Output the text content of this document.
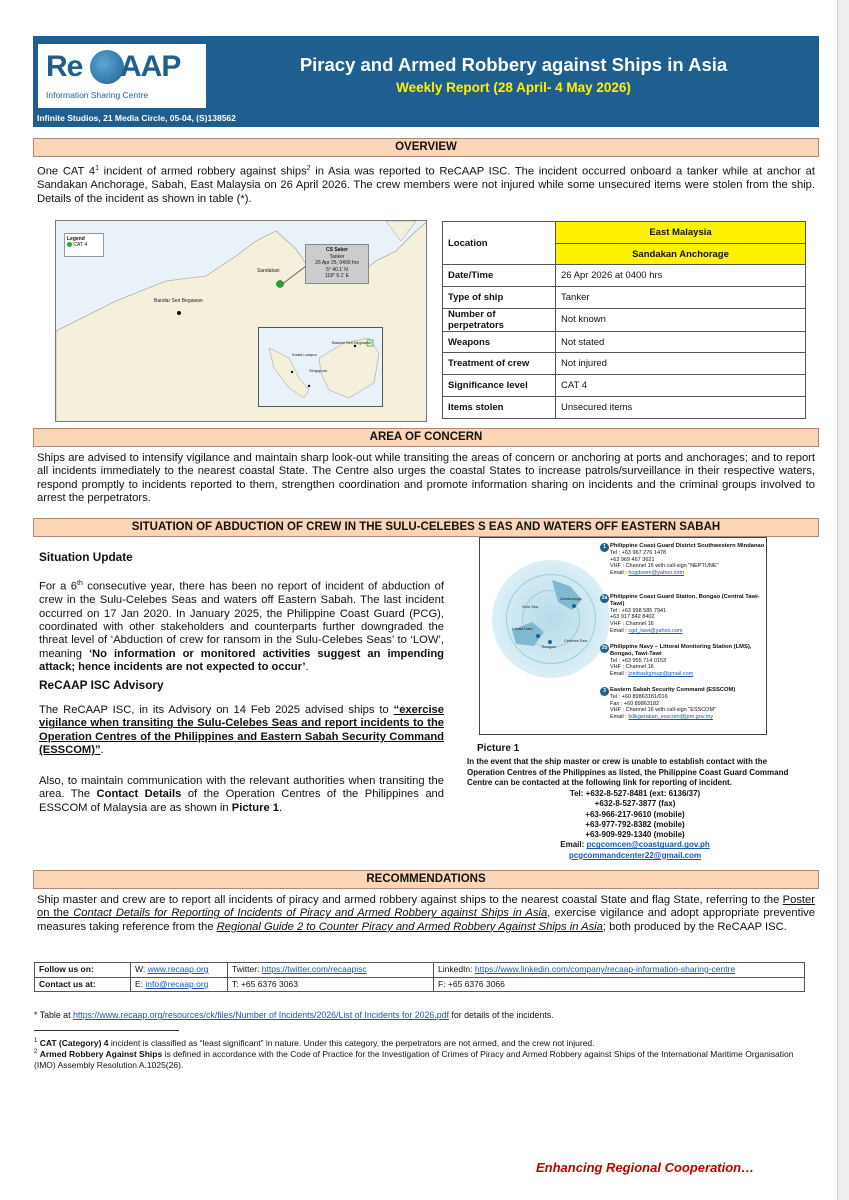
Re AAP
Information Sharing Centre
Piracy and Armed Robbery against Ships in Asia
Weekly Report (28 April- 4 May 2026)
Infinite Studios, 21 Media Circle, 05-04, (S)138562
OVERVIEW
One CAT $4^1$ incident of armed robbery against ships$^2$ in Asia was reported to ReCAAP ISC. The incident occurred onboard a tanker while at anchor at Sandakan Anchorage, Sabah, East Malaysia on 26 April 2026. The crew members were not injured while some unsecured items were stolen from the ship. Details of the incident as shown in table (*).
Legend
CAT 4
CS Saker
Tanker
26 Apr 26, 0400 hrs
5° 40.1' N
118° 6.1' E
Sandakan
Bandar Seri Begawan
Kuala Lumpur
Singapore
Bandar Seri Begawan
Location	East Malaysia
	Sandakan Anchorage
Date/Time	26 Apr 2026 at 0400 hrs
Type of ship	Tanker
Number of perpetrators	Not known
Weapons	Not stated
Treatment of crew	Not injured
Significance level	CAT 4
Items stolen	Unsecured items
AREA OF CONCERN
Ships are advised to intensify vigilance and maintain sharp look-out while transiting the areas of concern or anchoring at ports and anchorages; and to report all incidents immediately to the nearest coastal State. The Centre also urges the coastal States to increase patrols/surveillance in their respective waters, respond promptly to incidents reported to them, strengthen coordination and promote information sharing on incidents and the criminal groups involved to arrest the perpetrators.
SITUATION OF ABDUCTION OF CREW IN THE SULU-CELEBES S EAS AND WATERS OFF EASTERN SABAH
Situation Update
For a 6th consecutive year, there has been no report of incident of abduction of crew in the Sulu-Celebes Seas and waters off Eastern Sabah. The last incident occurred on 17 Jan 2020. In January 2025, the Philippine Coast Guard (PCG), coordinated with other stakeholders and counterparts further downgraded the threat level of ‘Abduction of crew for ransom in the Sulu-Celebes Seas’ to ‘LOW’, meaning ‘No information or monitored activities suggest an impending attack; hence incidents are not expected to occur’.
ReCAAP ISC Advisory
The ReCAAP ISC, in its Advisory on 14 Feb 2025 advised ships to “exercise vigilance when transiting the Sulu-Celebes Seas and report incidents to the Operation Centres of the Philippines and Eastern Sabah Security Command (ESSCOM)”.
Also, to maintain communication with the relevant authorities when transiting the area. The Contact Details of the Operation Centres of the Philippines and ESSCOM of Malaysia are as shown in Picture 1.
Sulu Sea
Zamboanga
Lahad Datu
Bongao
Celebes Sea
1 Philippine Coast Guard District Southwestern Mindanao
Tel : +63 967 276 1478
+63 969 467 3621
VHF : Channel 16 with call-sign "NEPTUNE"
Email : hcgdswm@yahoo.com
2a Philippine Coast Guard Station, Bongao (Central Tawi-Tawi)
Tel : +63 998 585 7941
+63 917 842 8402
VHF : Channel 16
Email : cgd_tawi@yahoo.com
2b Philippine Navy – Littoral Monitoring Station (LMS), Bongao, Tawi-Tawi
Tel : +63 955 714 0153
VHF : Channel 16
Email : jointtaskgroup@gmail.com
3 Eastern Sabah Security Command (ESSCOM)
Tel : +60 89863181/016
Fax : +60 89863182
VHF : Channel 16 with call-sign "ESSCOM"
Email : bilikgerakan_esscom@jpm.gov.my
Picture 1
In the event that the ship master or crew is unable to establish contact with the Operation Centres of the Philippines as listed, the Philippine Coast Guard Command Centre can be contacted at the following link for reporting of incident.
Tel: +632-8-527-8481 (ext: 6136/37)
+632-8-527-3877 (fax)
+63-966-217-9610 (mobile)
+63-977-792-8382 (mobile)
+63-909-929-1340 (mobile)
Email: pcgcomcen@coastguard.gov.ph
pcgcommandcenter22@gmail.com
RECOMMENDATIONS
Ship master and crew are to report all incidents of piracy and armed robbery against ships to the nearest coastal State and flag State, referring to the Poster on the Contact Details for Reporting of Incidents of Piracy and Armed Robbery against Ships in Asia, exercise vigilance and adopt appropriate preventive measures taking reference from the Regional Guide 2 to Counter Piracy and Armed Robbery Against Ships in Asia; both produced by the ReCAAP ISC.
Follow us on:	W: www.recaap.org	Twitter: https://twitter.com/recaapisc	LinkedIn: https://www.linkedin.com/company/recaap-information-sharing-centre

Contact us at:	E: info@recaap.org	T: +65 6376 3063	F: +65 6376 3066
* Table at https://www.recaap.org/resources/ck/files/Number of Incidents/2026/List of Incidents for 2026.pdf for details of the incidents.
$^1$ CAT (Category) 4 incident is classified as “least significant” in nature. Under this category, the perpetrators are not armed, and the crew not injured.
$^2$ Armed Robbery Against Ships is defined in accordance with the Code of Practice for the Investigation of Crimes of Piracy and Armed Robbery against Ships of the International Maritime Organisation (IMO) Assembly Resolution A.1025(26).
Enhancing Regional Cooperation…
